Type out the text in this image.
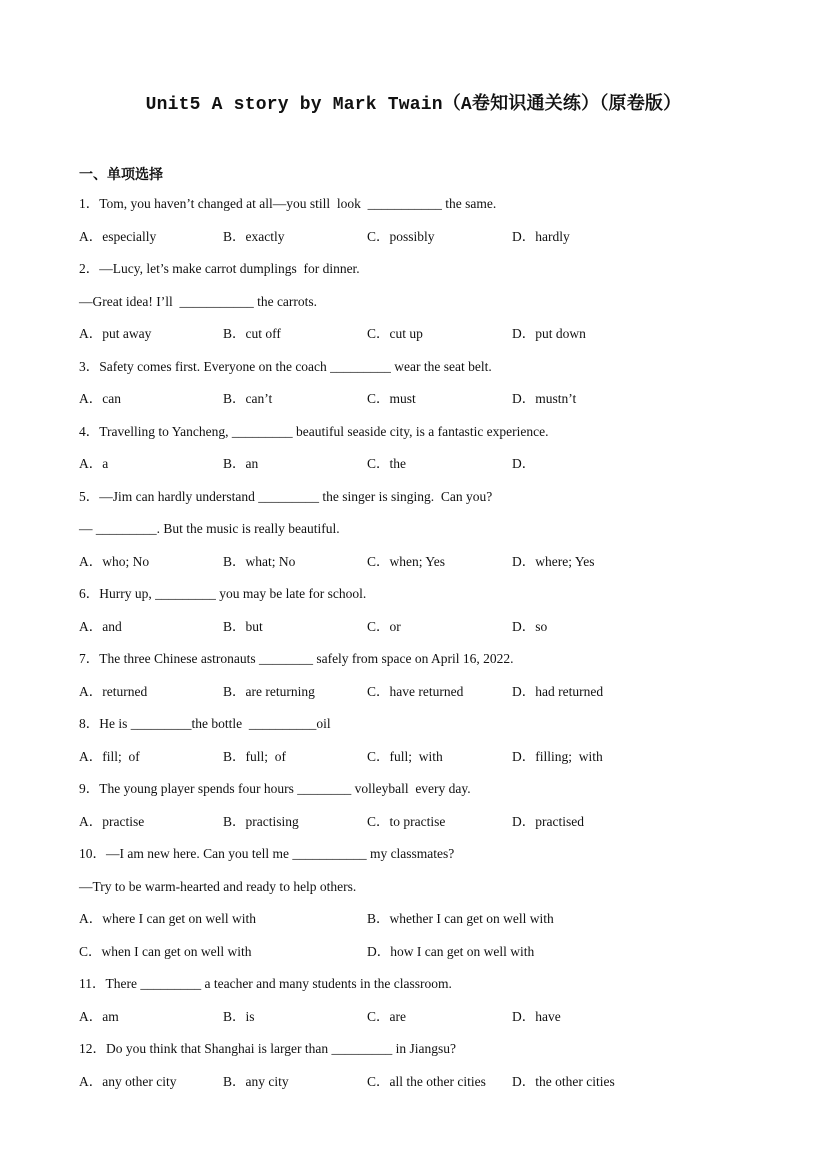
Unit5 A story by Mark Twain（A卷知识通关练）（原卷版）
一、单项选择
1．Tom, you haven’t changed at all—you still  look  ___________ the same.
A．especially	B．exactly	C．possibly	D．hardly
2．—Lucy, let’s make carrot dumplings  for dinner.
—Great idea! I’ll  ___________ the carrots.
A．put away	B．cut off	C．cut up	D．put down
3．Safety comes first. Everyone on the coach _________ wear the seat belt.
A．can	B．can’t	C．must	D．mustn’t
4．Travelling to Yancheng, _________ beautiful seaside city, is a fantastic experience.
A．a	B．an	C．the	D．
5．—Jim can hardly understand _________ the singer is singing.  Can you?
— _________. But the music is really beautiful.
A．who; No	B．what; No	C．when; Yes	D．where; Yes
6．Hurry up, _________ you may be late for school.
A．and	B．but	C．or	D．so
7．The three Chinese astronauts ________ safely from space on April 16, 2022.
A．returned	B．are returning	C．have returned	D．had returned
8．He is _________the bottle  __________oil
A．fill;  of	B．full;  of	C．full;  with	D．filling;  with
9．The young player spends four hours ________ volleyball  every day.
A．practise	B．practising	C．to practise	D．practised
10．—I am new here. Can you tell me ___________ my classmates?
—Try to be warm-hearted and ready to help others.
A．where I can get on well with	B．whether I can get on well with
C．when I can get on well with	D．how I can get on well with
11．There _________ a teacher and many students in the classroom.
A．am	B．is	C．are	D．have
12．Do you think that Shanghai is larger than _________ in Jiangsu?
A．any other city	B．any city	C．all the other cities D．the other cities
